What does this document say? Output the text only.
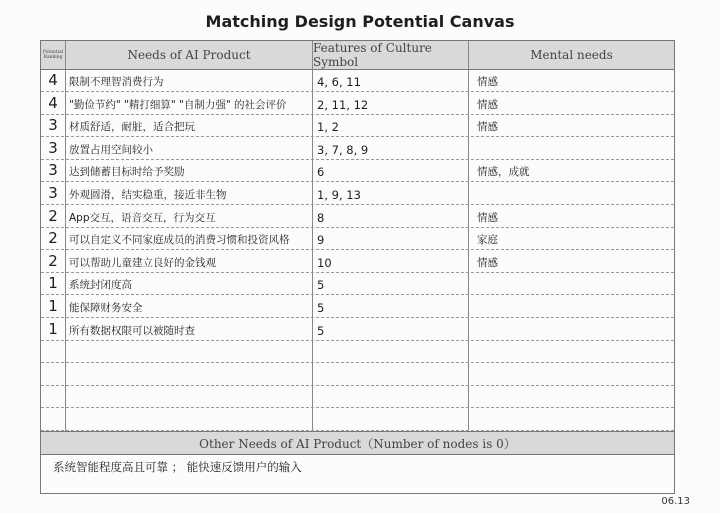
Matching Design Potential Canvas
Potential Ranking	Needs of AI Product	Features of Culture Symbol	Mental needs
4	限制不理智消费行为	4, 6, 11	情感
4	"勤俭节约" "精打细算" "自制力强" 的社会评价	2, 11, 12	情感
3	材质舒适，耐脏，适合把玩	1, 2	情感
3	放置占用空间较小	3, 7, 8, 9
3	达到储蓄目标时给予奖励	6	情感，成就
3	外观圆滑，结实稳重，接近非生物	1, 9, 13
2	App交互，语音交互，行为交互	8	情感
2	可以自定义不同家庭成员的消费习惯和投资风格	9	家庭
2	可以帮助儿童建立良好的金钱观	10	情感
1	系统封闭度高	5
1	能保障财务安全	5
1	所有数据权限可以被随时查	5
Other Needs of AI Product（Number of nodes is 0）
系统智能程度高且可靠 ； 能快速反馈用户的输入
06.13
